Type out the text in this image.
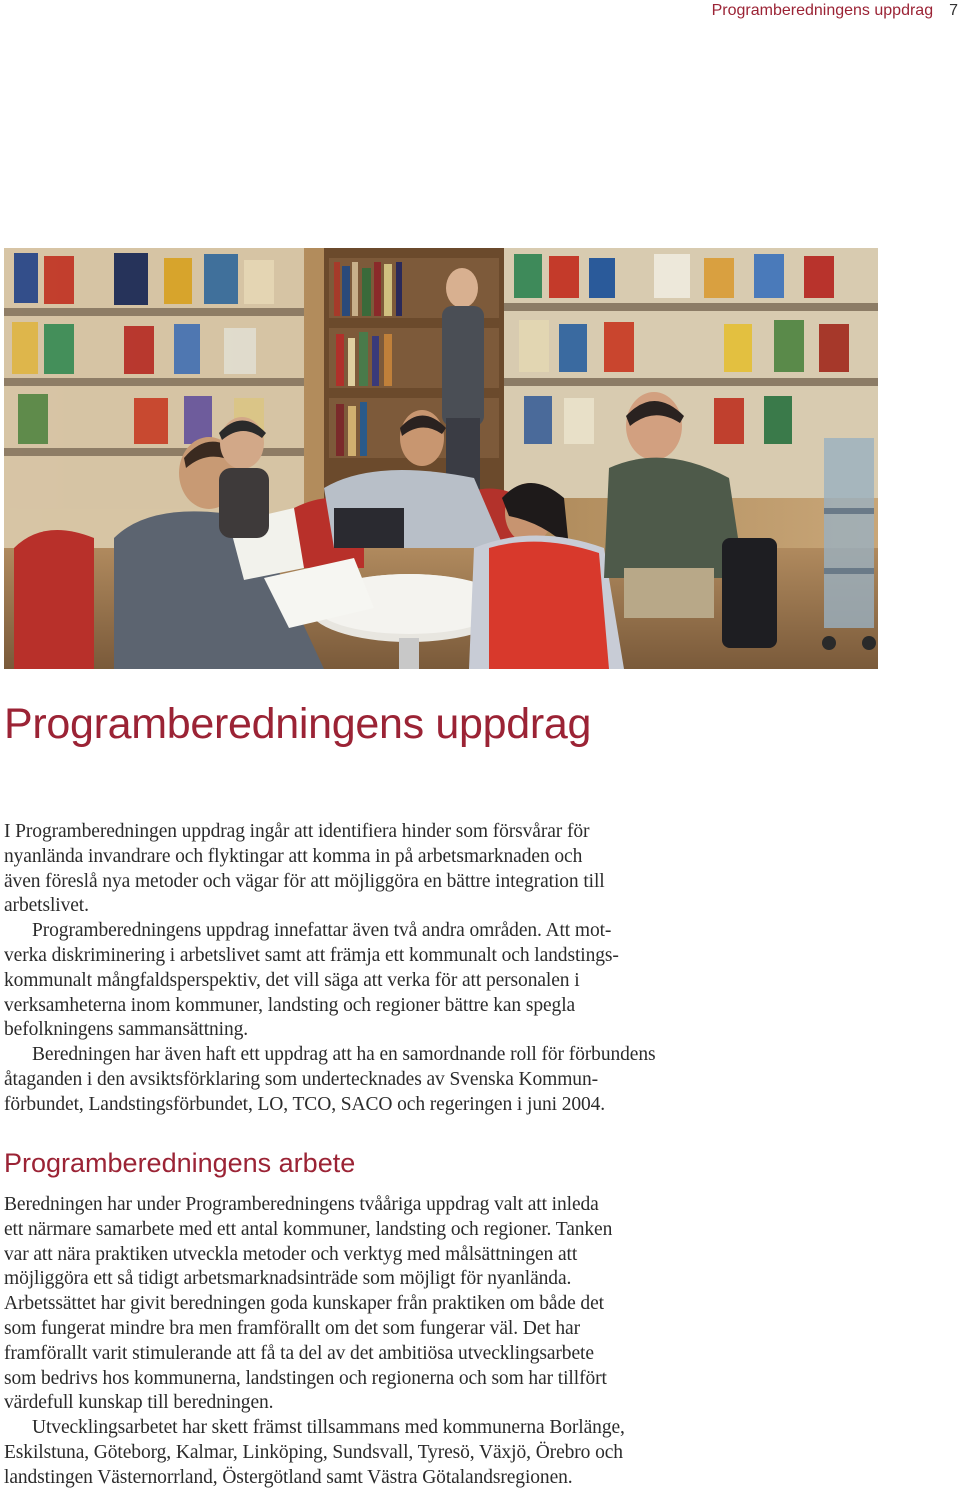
Programberedningens uppdrag 7
Programberedningens uppdrag

I Programberedningen uppdrag ingår att identifiera hinder som försvårar för

nyanlända invandrare och flyktingar att komma in på arbetsmarknaden och

även föreslå nya metoder och vägar för att möjliggöra en bättre integration till

arbetslivet.

Programberedningens uppdrag innefattar även två andra områden. Att mot-

verka diskriminering i arbetslivet samt att främja ett kommunalt och landstings-

kommunalt mångfaldsperspektiv, det vill säga att verka för att personalen i

verksamheterna inom kommuner, landsting och regioner bättre kan spegla

befolkningens sammansättning.

Beredningen har även haft ett uppdrag att ha en samordnande roll för förbundens

åtaganden i den avsiktsförklaring som undertecknades av Svenska Kommun-

förbundet, Landstingsförbundet, LO, TCO, SACO och regeringen i juni 2004.

Programberedningens arbete

Beredningen har under Programberedningens tvååriga uppdrag valt att inleda

ett närmare samarbete med ett antal kommuner, landsting och regioner. Tanken

var att nära praktiken utveckla metoder och verktyg med målsättningen att

möjliggöra ett så tidigt arbetsmarknadsinträde som möjligt för nyanlända.

Arbetssättet har givit beredningen goda kunskaper från praktiken om både det

som fungerat mindre bra men framförallt om det som fungerar väl. Det har

framförallt varit stimulerande att få ta del av det ambitiösa utvecklingsarbete

som bedrivs hos kommunerna, landstingen och regionerna och som har tillfört

värdefull kunskap till beredningen.

Utvecklingsarbetet har skett främst tillsammans med kommunerna Borlänge,

Eskilstuna, Göteborg, Kalmar, Linköping, Sundsvall, Tyresö, Växjö, Örebro och

landstingen Västernorrland, Östergötland samt Västra Götalandsregionen.
